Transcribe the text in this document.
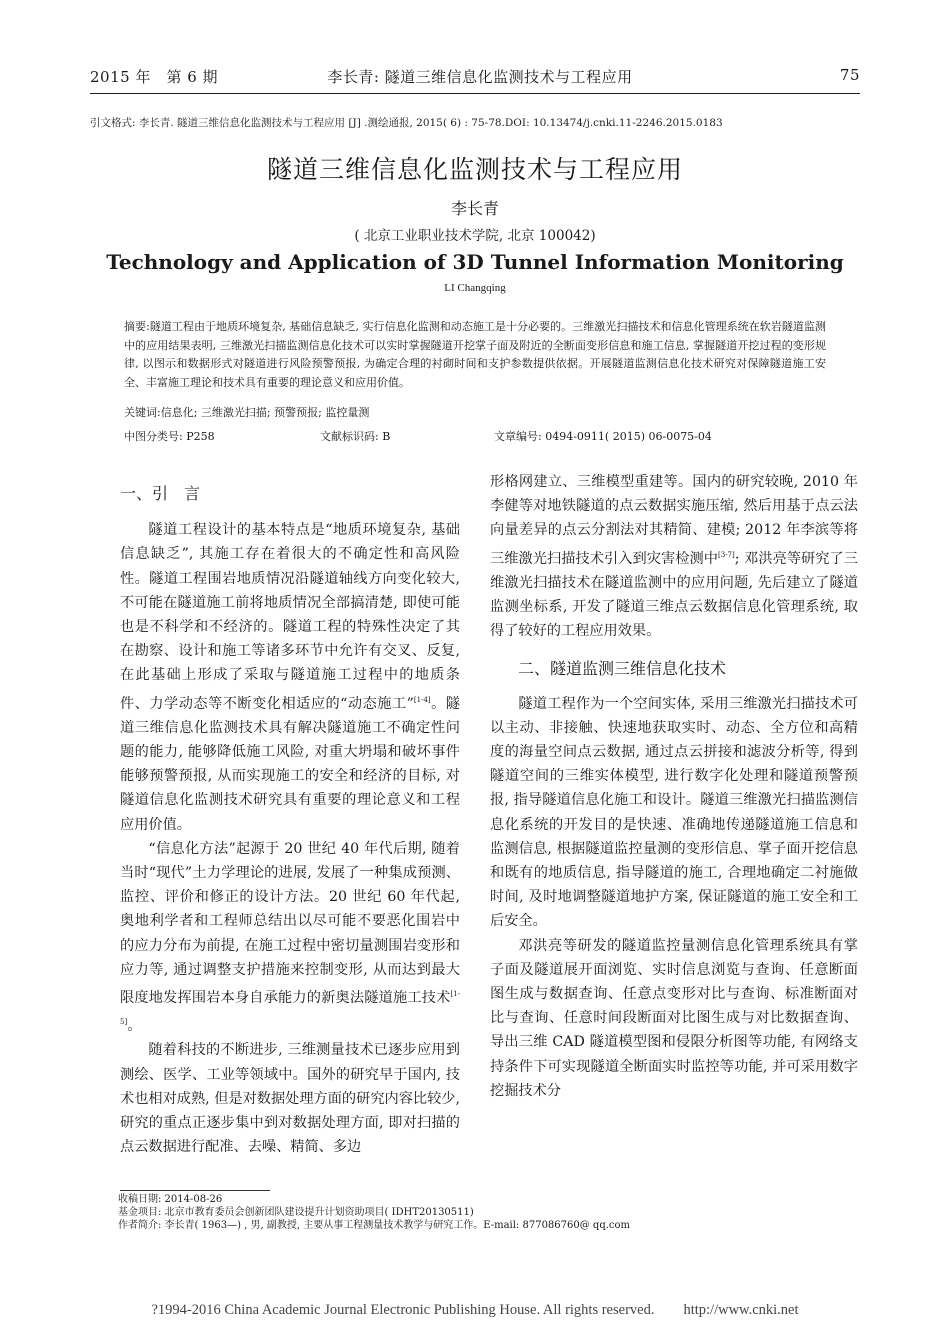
2015 年　第 6 期	李长青: 隧道三维信息化监测技术与工程应用	75
引文格式: 李长青. 隧道三维信息化监测技术与工程应用 [J] .测绘通报, 2015( 6) : 75-78.DOI: 10.13474/j.cnki.11-2246.2015.0183
隧道三维信息化监测技术与工程应用
李长青
( 北京工业职业技术学院, 北京 100042)
Technology and Application of 3D Tunnel Information Monitoring
LI Changqing
摘要:隧道工程由于地质环境复杂, 基础信息缺乏, 实行信息化监测和动态施工是十分必要的。三维激光扫描技术和信息化管理系统在软岩隧道监测中的应用结果表明, 三维激光扫描监测信息化技术可以实时掌握隧道开挖掌子面及附近的全断面变形信息和施工信息, 掌握隧道开挖过程的变形规律, 以图示和数据形式对隧道进行风险预警预报, 为确定合理的衬砌时间和支护参数提供依据。开展隧道监测信息化技术研究对保障隧道施工安全、丰富施工理论和技术具有重要的理论意义和应用价值。
关键词:信息化; 三维激光扫描; 预警预报; 监控量测
中图分类号: P258	文献标识码: B	文章编号: 0494-0911( 2015) 06-0075-04
一、引　言

隧道工程设计的基本特点是“地质环境复杂, 基础信息缺乏”, 其施工存在着很大的不确定性和高风险性。隧道工程围岩地质情况沿隧道轴线方向变化较大, 不可能在隧道施工前将地质情况全部搞清楚, 即使可能也是不科学和不经济的。隧道工程的特殊性决定了其在勘察、设计和施工等诸多环节中允许有交叉、反复, 在此基础上形成了采取与隧道施工过程中的地质条件、力学动态等不断变化相适应的“动态施工”[1-4]。隧道三维信息化监测技术具有解决隧道施工不确定性问题的能力, 能够降低施工风险, 对重大坍塌和破坏事件能够预警预报, 从而实现施工的安全和经济的目标, 对隧道信息化监测技术研究具有重要的理论意义和工程应用价值。

“信息化方法”起源于 20 世纪 40 年代后期, 随着当时“现代”土力学理论的进展, 发展了一种集成预测、监控、评价和修正的设计方法。20 世纪 60 年代起, 奥地利学者和工程师总结出以尽可能不要恶化围岩中的应力分布为前提, 在施工过程中密切量测围岩变形和应力等, 通过调整支护措施来控制变形, 从而达到最大限度地发挥围岩本身自承能力的新奥法隧道施工技术[1-5]。

随着科技的不断进步, 三维测量技术已逐步应用到测绘、医学、工业等领域中。国外的研究早于国内, 技术也相对成熟, 但是对数据处理方面的研究内容比较少, 研究的重点正逐步集中到对数据处理方面, 即对扫描的点云数据进行配准、去噪、精简、多边

形格网建立、三维模型重建等。国内的研究较晚, 2010 年李健等对地铁隧道的点云数据实施压缩, 然后用基于点云法向量差异的点云分割法对其精简、建模; 2012 年李滨等将三维激光扫描技术引入到灾害检测中[3-7]; 邓洪亮等研究了三维激光扫描技术在隧道监测中的应用问题, 先后建立了隧道监测坐标系, 开发了隧道三维点云数据信息化管理系统, 取得了较好的工程应用效果。

二、隧道监测三维信息化技术

隧道工程作为一个空间实体, 采用三维激光扫描技术可以主动、非接触、快速地获取实时、动态、全方位和高精度的海量空间点云数据, 通过点云拼接和滤波分析等, 得到隧道空间的三维实体模型, 进行数字化处理和隧道预警预报, 指导隧道信息化施工和设计。隧道三维激光扫描监测信息化系统的开发目的是快速、准确地传递隧道施工信息和监测信息, 根据隧道监控量测的变形信息、掌子面开挖信息和既有的地质信息, 指导隧道的施工, 合理地确定二衬施做时间, 及时地调整隧道地护方案, 保证隧道的施工安全和工后安全。

邓洪亮等研发的隧道监控量测信息化管理系统具有掌子面及隧道展开面浏览、实时信息浏览与查询、任意断面图生成与数据查询、任意点变形对比与查询、标准断面对比与查询、任意时间段断面对比图生成与对比数据查询、导出三维 CAD 隧道模型图和侵限分析图等功能, 有网络支持条件下可实现隧道全断面实时监控等功能, 并可采用数字挖掘技术分

收稿日期: 2014-08-26
基金项目: 北京市教育委员会创新团队建设提升计划资助项目( IDHT20130511)
作者简介: 李长青( 1963—) , 男, 副教授, 主要从事工程测量技术教学与研究工作。E-mail: 877086760@ qq.com
?1994-2016 China Academic Journal Electronic Publishing House. All rights reserved.　　http://www.cnki.net
